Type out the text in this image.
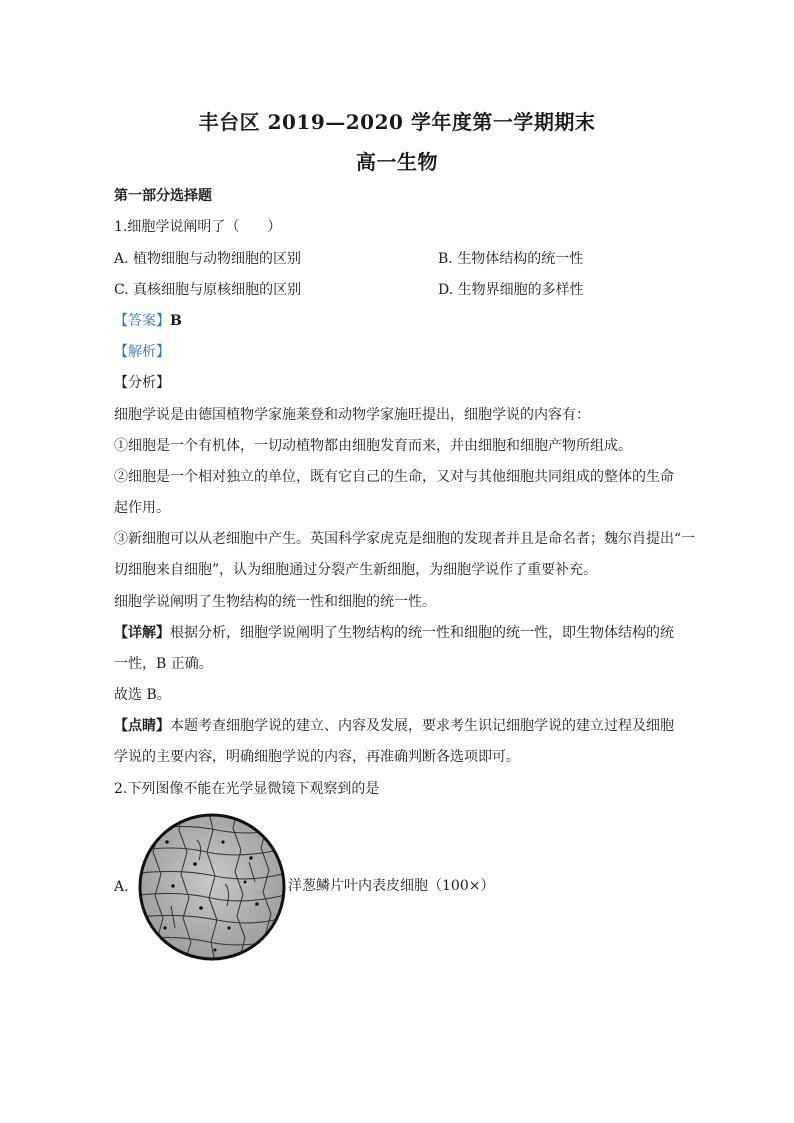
丰台区 2019—2020 学年度第一学期期末
高一生物
第一部分选择题
1.细胞学说阐明了（　　）
A. 植物细胞与动物细胞的区别	B. 生物体结构的统一性
C. 真核细胞与原核细胞的区别	D. 生物界细胞的多样性
【答案】B
【解析】
【分析】
细胞学说是由德国植物学家施莱登和动物学家施旺提出，细胞学说的内容有：
①细胞是一个有机体，一切动植物都由细胞发育而来，并由细胞和细胞产物所组成。
②细胞是一个相对独立的单位，既有它自己的生命，又对与其他细胞共同组成的整体的生命
起作用。
③新细胞可以从老细胞中产生。英国科学家虎克是细胞的发现者并且是命名者；魏尔肖提出“一
切细胞来自细胞”，认为细胞通过分裂产生新细胞，为细胞学说作了重要补充。
细胞学说阐明了生物结构的统一性和细胞的统一性。
【详解】根据分析，细胞学说阐明了生物结构的统一性和细胞的统一性，即生物体结构的统
一性，B 正确。
故选 B。
【点睛】本题考查细胞学说的建立、内容及发展，要求考生识记细胞学说的建立过程及细胞
学说的主要内容，明确细胞学说的内容，再准确判断各选项即可。
2.下列图像不能在光学显微镜下观察到的是
A.	洋葱鳞片叶内表皮细胞（100×）
